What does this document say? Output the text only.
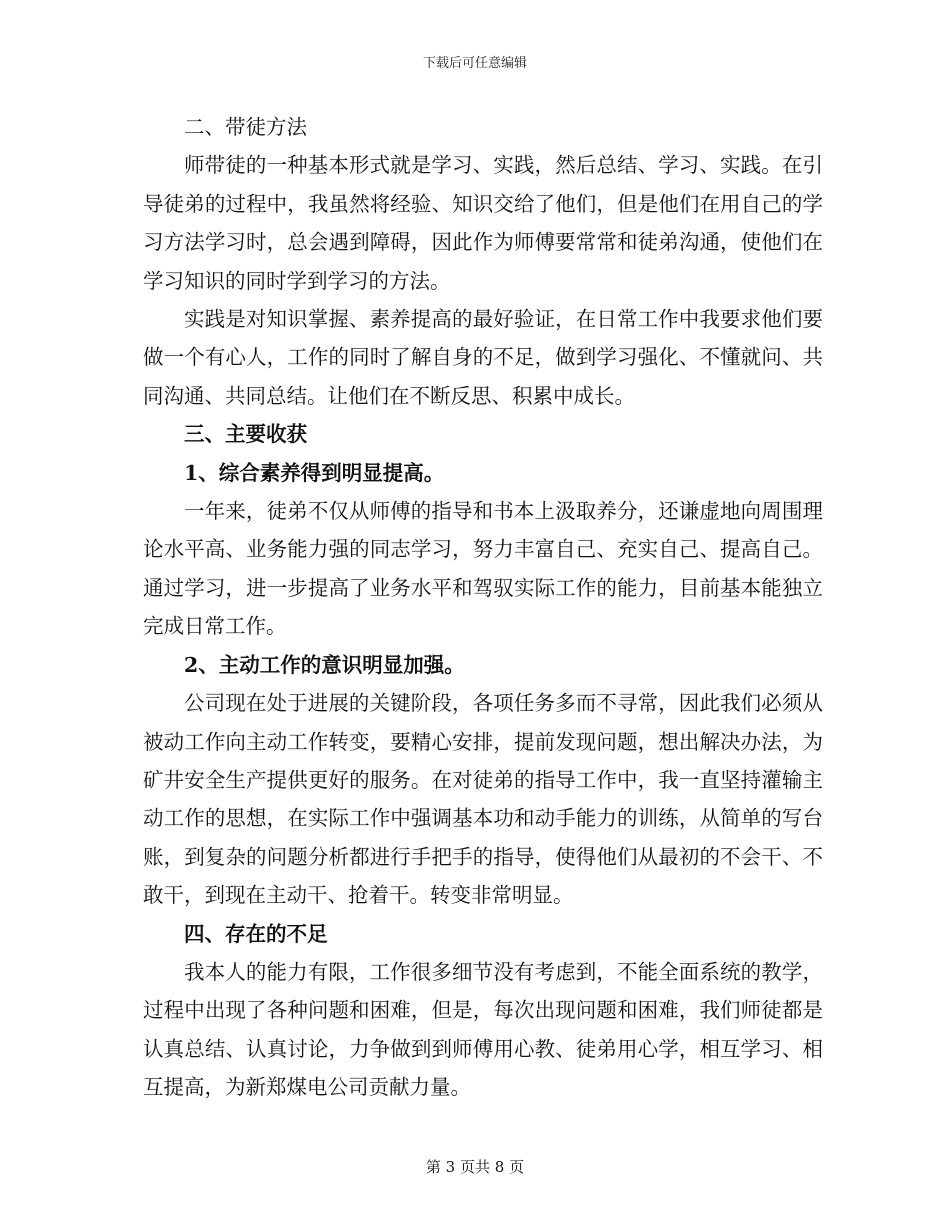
下载后可任意编辑
二、带徒方法

师带徒的一种基本形式就是学习、实践，然后总结、学习、实践。在引导徒弟的过程中，我虽然将经验、知识交给了他们，但是他们在用自己的学习方法学习时，总会遇到障碍，因此作为师傅要常常和徒弟沟通，使他们在学习知识的同时学到学习的方法。

实践是对知识掌握、素养提高的最好验证，在日常工作中我要求他们要做一个有心人，工作的同时了解自身的不足，做到学习强化、不懂就问、共同沟通、共同总结。让他们在不断反思、积累中成长。

三、主要收获
1、综合素养得到明显提高。

一年来，徒弟不仅从师傅的指导和书本上汲取养分，还谦虚地向周围理论水平高、业务能力强的同志学习，努力丰富自己、充实自己、提高自己。通过学习，进一步提高了业务水平和驾驭实际工作的能力，目前基本能独立完成日常工作。

2、主动工作的意识明显加强。

公司现在处于进展的关键阶段，各项任务多而不寻常，因此我们必须从被动工作向主动工作转变，要精心安排，提前发现问题，想出解决办法，为矿井安全生产提供更好的服务。在对徒弟的指导工作中，我一直坚持灌输主动工作的思想，在实际工作中强调基本功和动手能力的训练，从简单的写台账，到复杂的问题分析都进行手把手的指导，使得他们从最初的不会干、不敢干，到现在主动干、抢着干。转变非常明显。

四、存在的不足

我本人的能力有限，工作很多细节没有考虑到，不能全面系统的教学，过程中出现了各种问题和困难，但是，每次出现问题和困难，我们师徒都是认真总结、认真讨论，力争做到到师傅用心教、徒弟用心学，相互学习、相互提高，为新郑煤电公司贡献力量。

第 3 页共 8 页
